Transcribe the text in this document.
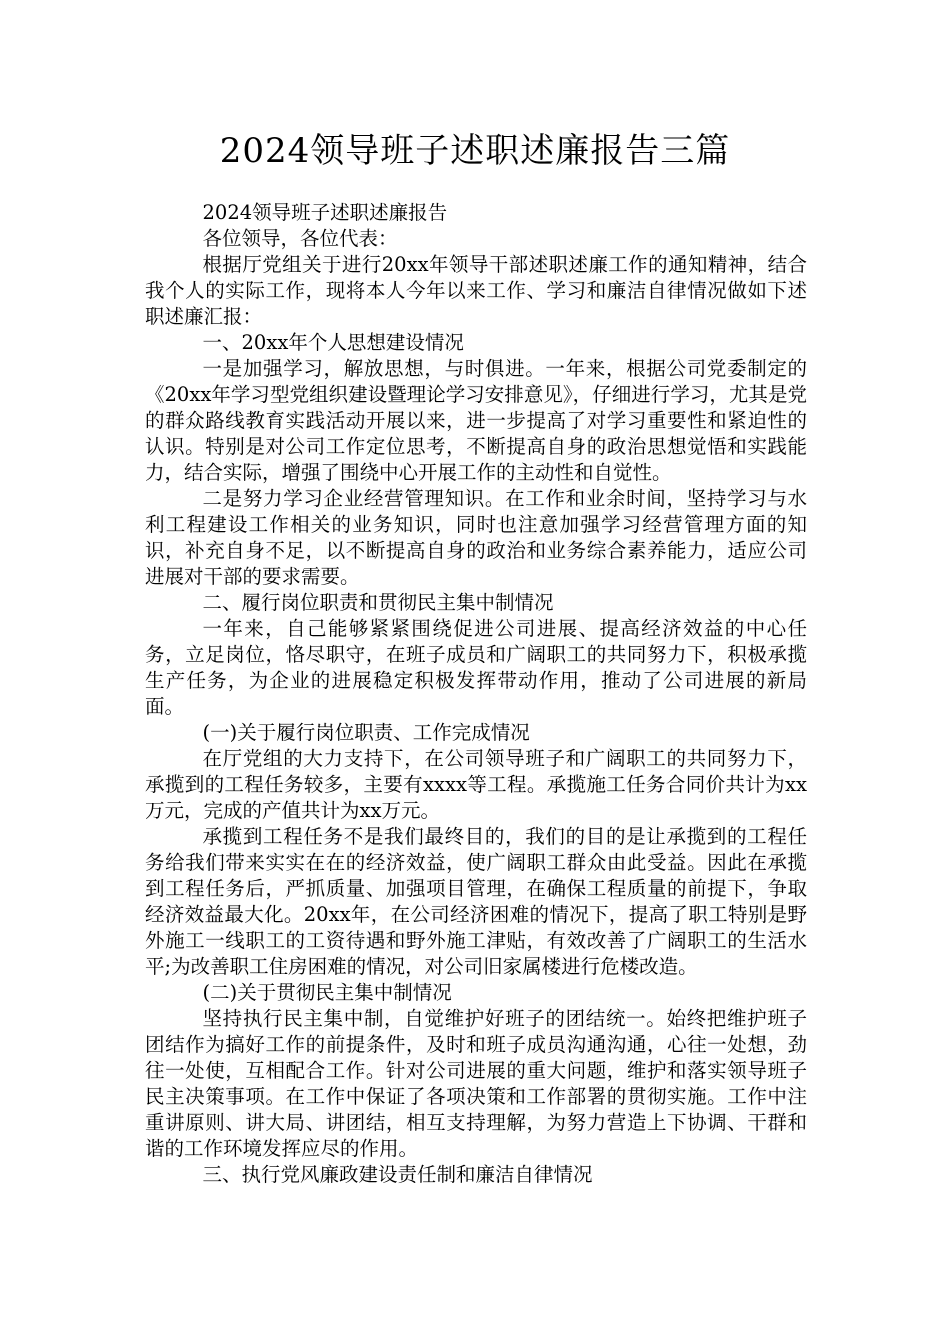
2024领导班子述职述廉报告三篇

2024领导班子述职述廉报告

各位领导，各位代表：

根据厅党组关于进行20xx年领导干部述职述廉工作的通知精神，结合我个人的实际工作，现将本人今年以来工作、学习和廉洁自律情况做如下述职述廉汇报：

一、20xx年个人思想建设情况

一是加强学习，解放思想，与时俱进。一年来，根据公司党委制定的《20xx年学习型党组织建设暨理论学习安排意见》，仔细进行学习，尤其是党的群众路线教育实践活动开展以来，进一步提高了对学习重要性和紧迫性的认识。特别是对公司工作定位思考，不断提高自身的政治思想觉悟和实践能力，结合实际，增强了围绕中心开展工作的主动性和自觉性。

二是努力学习企业经营管理知识。在工作和业余时间，坚持学习与水利工程建设工作相关的业务知识，同时也注意加强学习经营管理方面的知识，补充自身不足，以不断提高自身的政治和业务综合素养能力，适应公司进展对干部的要求需要。

二、履行岗位职责和贯彻民主集中制情况

一年来，自己能够紧紧围绕促进公司进展、提高经济效益的中心任务，立足岗位，恪尽职守，在班子成员和广阔职工的共同努力下，积极承揽生产任务，为企业的进展稳定积极发挥带动作用，推动了公司进展的新局面。

(一)关于履行岗位职责、工作完成情况

在厅党组的大力支持下，在公司领导班子和广阔职工的共同努力下，承揽到的工程任务较多，主要有xxxx等工程。承揽施工任务合同价共计为xx万元，完成的产值共计为xx万元。

承揽到工程任务不是我们最终目的，我们的目的是让承揽到的工程任务给我们带来实实在在的经济效益，使广阔职工群众由此受益。因此在承揽到工程任务后，严抓质量、加强项目管理，在确保工程质量的前提下，争取经济效益最大化。20xx年，在公司经济困难的情况下，提高了职工特别是野外施工一线职工的工资待遇和野外施工津贴，有效改善了广阔职工的生活水平;为改善职工住房困难的情况，对公司旧家属楼进行危楼改造。

(二)关于贯彻民主集中制情况

坚持执行民主集中制，自觉维护好班子的团结统一。始终把维护班子团结作为搞好工作的前提条件，及时和班子成员沟通沟通，心往一处想，劲往一处使，互相配合工作。针对公司进展的重大问题，维护和落实领导班子民主决策事项。在工作中保证了各项决策和工作部署的贯彻实施。工作中注重讲原则、讲大局、讲团结，相互支持理解，为努力营造上下协调、干群和谐的工作环境发挥应尽的作用。

三、执行党风廉政建设责任制和廉洁自律情况
